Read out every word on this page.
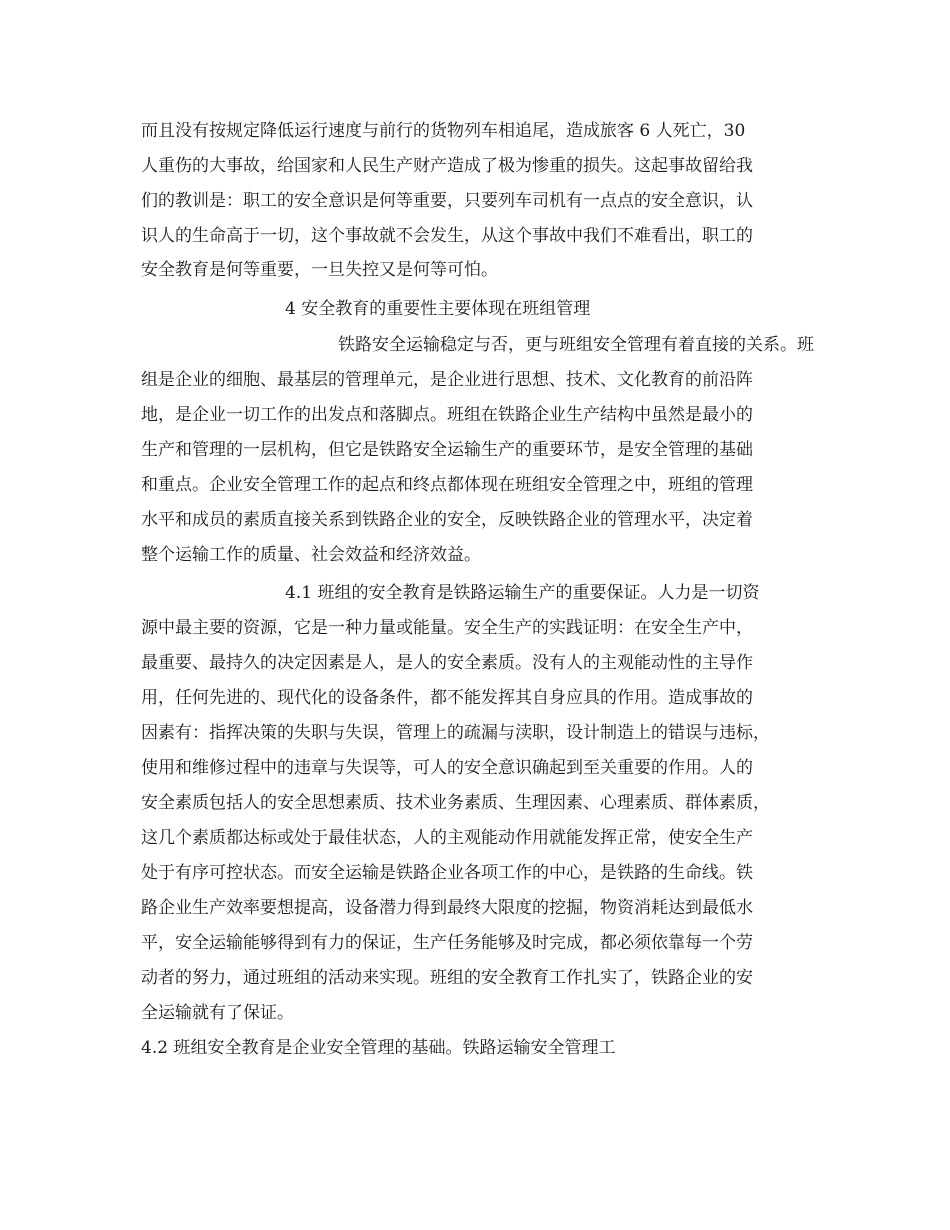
而且没有按规定降低运行速度与前行的货物列车相追尾，造成旅客 6 人死亡，30
人重伤的大事故，给国家和人民生产财产造成了极为惨重的损失。这起事故留给我
们的教训是：职工的安全意识是何等重要，只要列车司机有一点点的安全意识，认
识人的生命高于一切，这个事故就不会发生，从这个事故中我们不难看出，职工的
安全教育是何等重要，一旦失控又是何等可怕。
4 安全教育的重要性主要体现在班组管理
铁路安全运输稳定与否，更与班组安全管理有着直接的关系。班
组是企业的细胞、最基层的管理单元，是企业进行思想、技术、文化教育的前沿阵
地，是企业一切工作的出发点和落脚点。班组在铁路企业生产结构中虽然是最小的
生产和管理的一层机构，但它是铁路安全运输生产的重要环节，是安全管理的基础
和重点。企业安全管理工作的起点和终点都体现在班组安全管理之中，班组的管理
水平和成员的素质直接关系到铁路企业的安全，反映铁路企业的管理水平，决定着
整个运输工作的质量、社会效益和经济效益。
4.1 班组的安全教育是铁路运输生产的重要保证。人力是一切资
源中最主要的资源，它是一种力量或能量。安全生产的实践证明：在安全生产中，
最重要、最持久的决定因素是人，是人的安全素质。没有人的主观能动性的主导作
用，任何先进的、现代化的设备条件，都不能发挥其自身应具的作用。造成事故的
因素有：指挥决策的失职与失误，管理上的疏漏与渎职，设计制造上的错误与违标，
使用和维修过程中的违章与失误等，可人的安全意识确起到至关重要的作用。人的
安全素质包括人的安全思想素质、技术业务素质、生理因素、心理素质、群体素质，
这几个素质都达标或处于最佳状态，人的主观能动作用就能发挥正常，使安全生产
处于有序可控状态。而安全运输是铁路企业各项工作的中心，是铁路的生命线。铁
路企业生产效率要想提高，设备潜力得到最终大限度的挖掘，物资消耗达到最低水
平，安全运输能够得到有力的保证，生产任务能够及时完成，都必须依靠每一个劳
动者的努力，通过班组的活动来实现。班组的安全教育工作扎实了，铁路企业的安
全运输就有了保证。
4.2 班组安全教育是企业安全管理的基础。铁路运输安全管理工
